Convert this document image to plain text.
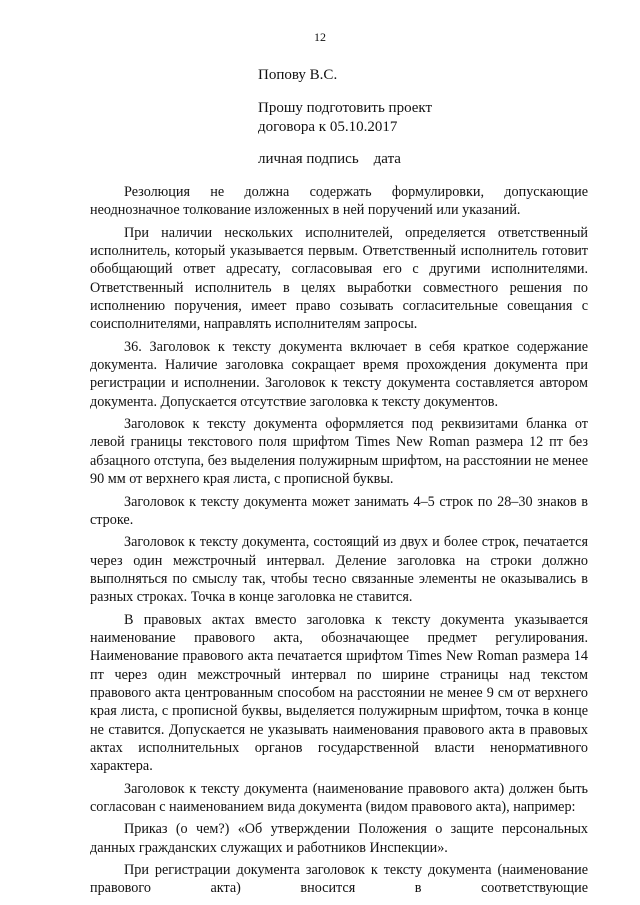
12
Попову В.С.
Прошу подготовить проект
договора к 05.10.2017
личная подпись    дата

Резолюция не должна содержать формулировки, допускающие неоднозначное толкование изложенных в ней поручений или указаний.

При наличии нескольких исполнителей, определяется ответственный исполнитель, который указывается первым. Ответственный исполнитель готовит обобщающий ответ адресату, согласовывая его с другими исполнителями. Ответственный исполнитель в целях выработки совместного решения по исполнению поручения, имеет право созывать согласительные совещания с соисполнителями, направлять исполнителям запросы.

36. Заголовок к тексту документа включает в себя краткое содержание документа. Наличие заголовка сокращает время прохождения документа при регистрации и исполнении. Заголовок к тексту документа составляется автором документа. Допускается отсутствие заголовка к тексту документов.

Заголовок к тексту документа оформляется под реквизитами бланка от левой границы текстового поля шрифтом Times New Roman размера 12 пт без абзацного отступа, без выделения полужирным шрифтом, на расстоянии не менее 90 мм от верхнего края листа, с прописной буквы.

Заголовок к тексту документа может занимать 4–5 строк по 28–30 знаков в строке.

Заголовок к тексту документа, состоящий из двух и более строк, печатается через один межстрочный интервал. Деление заголовка на строки должно выполняться по смыслу так, чтобы тесно связанные элементы не оказывались в разных строках. Точка в конце заголовка не ставится.

В правовых актах вместо заголовка к тексту документа указывается наименование правового акта, обозначающее предмет регулирования. Наименование правового акта печатается шрифтом Times New Roman размера 14 пт через один межстрочный интервал по ширине страницы над текстом правового акта центрованным способом на расстоянии не менее 9 см от верхнего края листа, с прописной буквы, выделяется полужирным шрифтом, точка в конце не ставится. Допускается не указывать наименования правового акта в правовых актах исполнительных органов государственной власти ненормативного характера.

Заголовок к тексту документа (наименование правового акта) должен быть согласован с наименованием вида документа (видом правового акта), например:

Приказ (о чем?) «Об утверждении Положения о защите персональных данных гражданских служащих и работников Инспекции».

При регистрации документа заголовок к тексту документа (наименование правового акта) вносится в соответствующие
